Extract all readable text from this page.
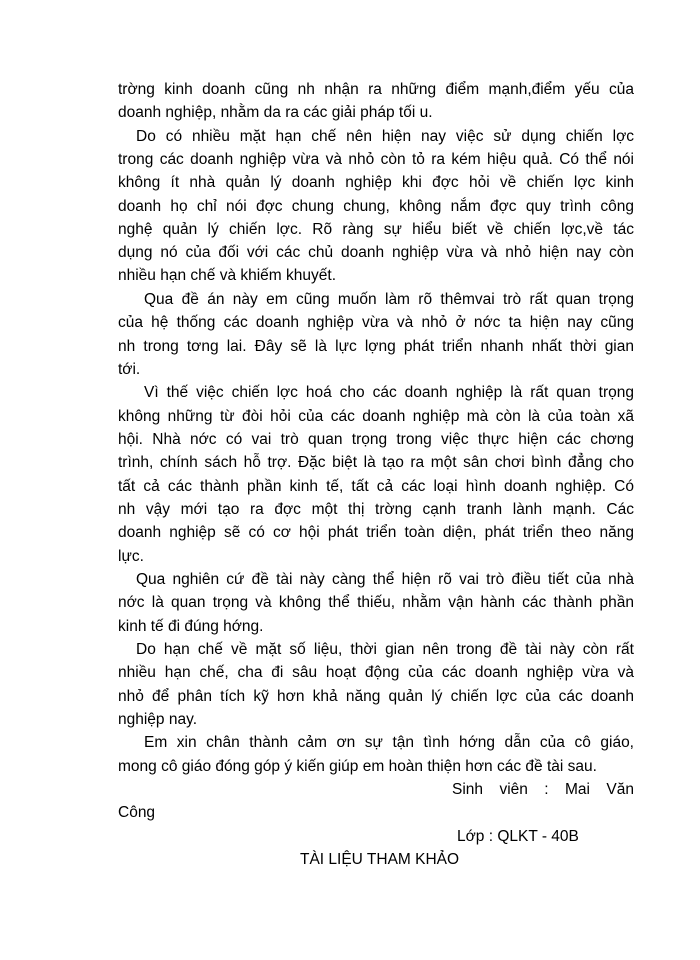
trờng kinh doanh cũng nh nhận ra những điểm mạnh,điểm yếu của
doanh nghiệp, nhằm da ra các giải pháp tối u.
Do có nhiều mặt hạn chế nên hiện nay việc sử dụng chiến lợc
trong các doanh nghiệp vừa và nhỏ còn tỏ ra kém hiệu quả. Có thể nói
không ít nhà quản lý doanh nghiệp khi đợc hỏi về chiến lợc kinh
doanh họ chỉ nói đợc chung chung, không nắm đợc quy trình công
nghệ quản lý chiến lợc. Rõ ràng sự hiểu biết về chiến lợc,về tác
dụng nó của đối với các chủ doanh nghiệp vừa và nhỏ hiện nay còn
nhiều hạn chế và khiếm khuyết.
Qua đề án này em cũng muốn làm rõ thêmvai trò rất quan trọng
của hệ thống các doanh nghiệp vừa và nhỏ ở nớc ta hiện nay cũng
nh trong tơng lai. Đây sẽ là lực lợng phát triển nhanh nhất thời gian
tới.
Vì thế việc chiến lợc hoá cho các doanh nghiệp là rất quan trọng
không những từ đòi hỏi của các doanh nghiệp mà còn là của toàn xã
hội. Nhà nớc có vai trò quan trọng trong việc thực hiện các chơng
trình, chính sách hỗ trợ. Đặc biệt là tạo ra một sân chơi bình đẳng cho
tất cả các thành phần kinh tế, tất cả các loại hình doanh nghiệp. Có
nh vậy mới tạo ra đợc một thị trờng cạnh tranh lành mạnh. Các
doanh nghiệp sẽ có cơ hội phát triển toàn diện, phát triển theo năng
lực.
Qua nghiên cứ đề tài này càng thể hiện rõ vai trò điều tiết của nhà
nớc là quan trọng và không thể thiếu, nhằm vận hành các thành phần
kinh tế đi đúng hớng.
Do hạn chế về mặt số liệu, thời gian nên trong đề tài này còn rất
nhiều hạn chế, cha đi sâu hoạt động của các doanh nghiệp vừa và
nhỏ để phân tích kỹ hơn khả năng quản lý chiến lợc của các doanh
nghiệp nay.
Em xin chân thành cảm ơn sự tận tình hớng dẫn của cô giáo,
mong cô giáo đóng góp ý kiến giúp em hoàn thiện hơn các đề tài sau.
Sinh viên : Mai Văn
Công
Lớp : QLKT - 40B
TÀI LIỆU THAM KHẢO
